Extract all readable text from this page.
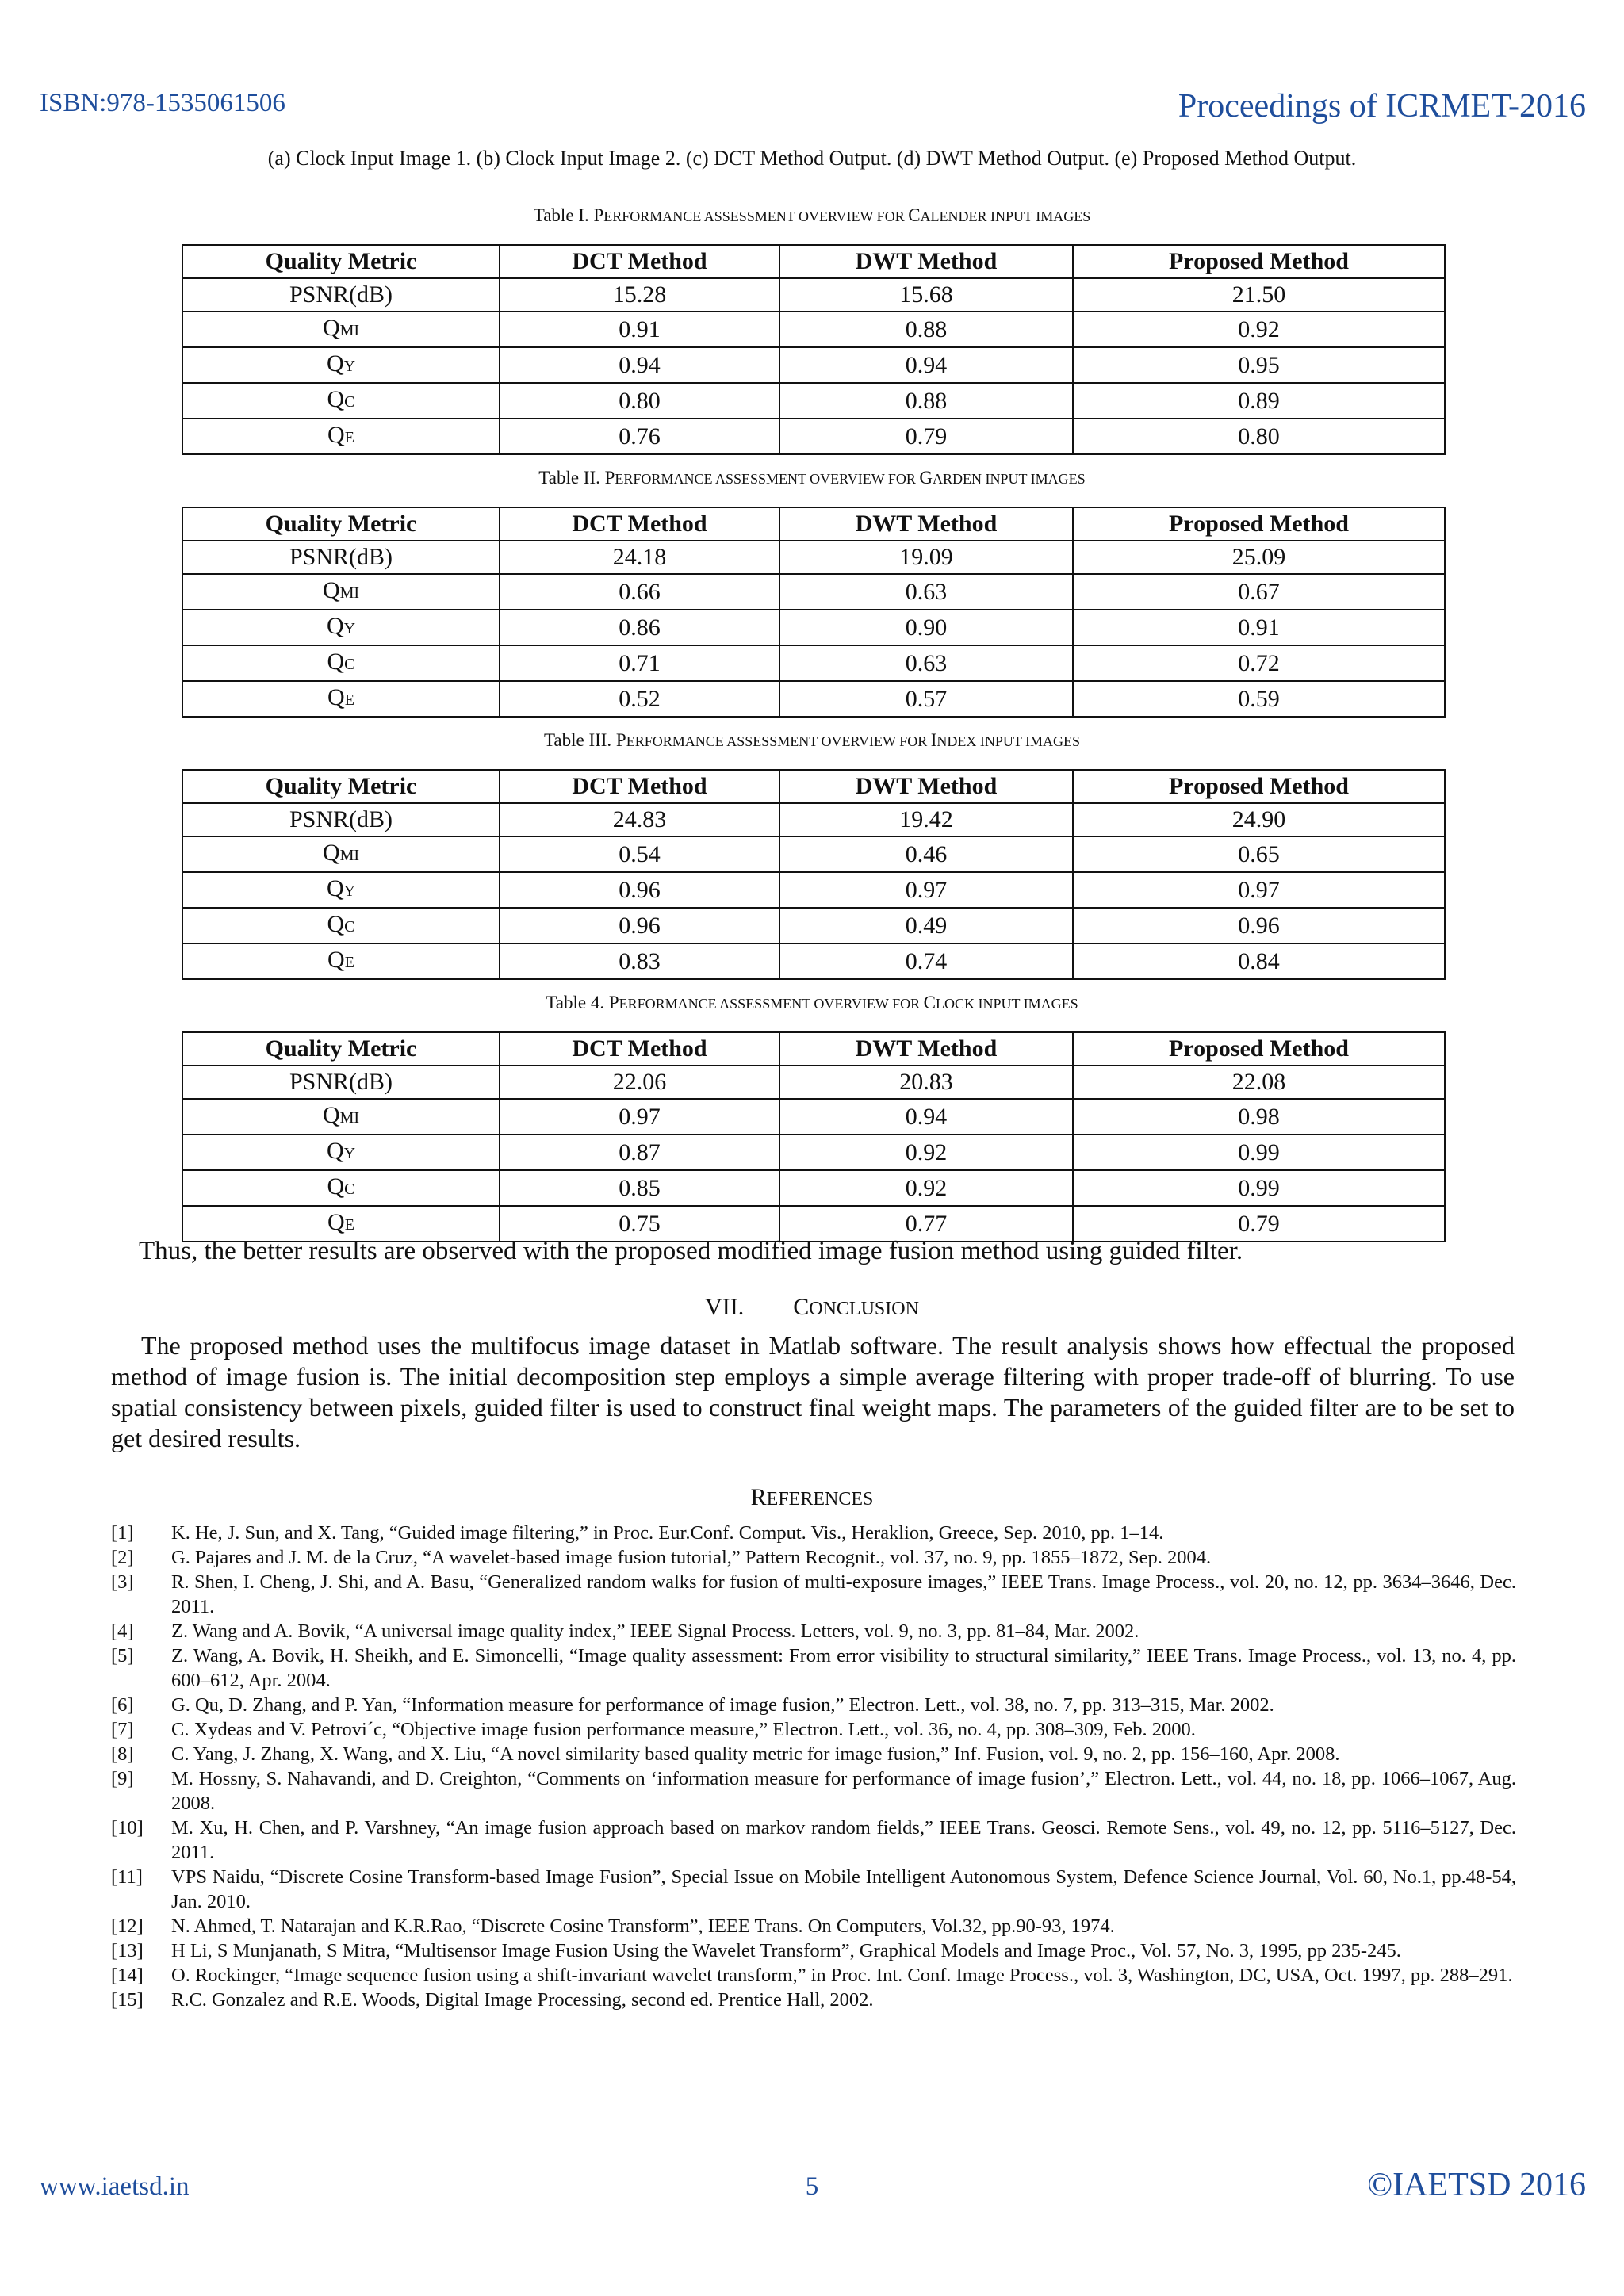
ISBN:978-1535061506	Proceedings of ICRMET-2016
(a) Clock Input Image 1. (b) Clock Input Image 2. (c) DCT Method Output. (d) DWT Method Output. (e) Proposed Method Output.
Table I. PERFORMANCE ASSESSMENT OVERVIEW FOR CALENDER INPUT IMAGES
Quality Metric	DCT Method	DWT Method	Proposed Method
PSNR(dB)	15.28	15.68	21.50
QMI	0.91	0.88	0.92
QY	0.94	0.94	0.95
QC	0.80	0.88	0.89
QE	0.76	0.79	0.80
Table II. PERFORMANCE ASSESSMENT OVERVIEW FOR GARDEN INPUT IMAGES
Quality Metric	DCT Method	DWT Method	Proposed Method
PSNR(dB)	24.18	19.09	25.09
QMI	0.66	0.63	0.67
QY	0.86	0.90	0.91
QC	0.71	0.63	0.72
QE	0.52	0.57	0.59
Table III. PERFORMANCE ASSESSMENT OVERVIEW FOR INDEX INPUT IMAGES
Quality Metric	DCT Method	DWT Method	Proposed Method
PSNR(dB)	24.83	19.42	24.90
QMI	0.54	0.46	0.65
QY	0.96	0.97	0.97
QC	0.96	0.49	0.96
QE	0.83	0.74	0.84
Table 4. PERFORMANCE ASSESSMENT OVERVIEW FOR CLOCK INPUT IMAGES
Quality Metric	DCT Method	DWT Method	Proposed Method
PSNR(dB)	22.06	20.83	22.08
QMI	0.97	0.94	0.98
QY	0.87	0.92	0.99
QC	0.85	0.92	0.99
QE	0.75	0.77	0.79
Thus, the better results are observed with the proposed modified image fusion method using guided filter.
VII. CONCLUSION

The proposed method uses the multifocus image dataset in Matlab software. The result analysis shows how effectual the proposed method of image fusion is. The initial decomposition step employs a simple average filtering with proper trade-off of blurring. To use spatial consistency between pixels, guided filter is used to construct final weight maps. The parameters of the guided filter are to be set to get desired results.

REFERENCES
[1] K. He, J. Sun, and X. Tang, “Guided image filtering,” in Proc. Eur.Conf. Comput. Vis., Heraklion, Greece, Sep. 2010, pp. 1–14.
[2] G. Pajares and J. M. de la Cruz, “A wavelet-based image fusion tutorial,” Pattern Recognit., vol. 37, no. 9, pp. 1855–1872, Sep. 2004.
[3] R. Shen, I. Cheng, J. Shi, and A. Basu, “Generalized random walks for fusion of multi-exposure images,” IEEE Trans. Image Process., vol. 20, no. 12, pp. 3634–3646, Dec. 2011.
[4] Z. Wang and A. Bovik, “A universal image quality index,” IEEE Signal Process. Letters, vol. 9, no. 3, pp. 81–84, Mar. 2002.
[5] Z. Wang, A. Bovik, H. Sheikh, and E. Simoncelli, “Image quality assessment: From error visibility to structural similarity,” IEEE Trans. Image Process., vol. 13, no. 4, pp. 600–612, Apr. 2004.
[6] G. Qu, D. Zhang, and P. Yan, “Information measure for performance of image fusion,” Electron. Lett., vol. 38, no. 7, pp. 313–315, Mar. 2002.
[7] C. Xydeas and V. Petrovi´c, “Objective image fusion performance measure,” Electron. Lett., vol. 36, no. 4, pp. 308–309, Feb. 2000.
[8] C. Yang, J. Zhang, X. Wang, and X. Liu, “A novel similarity based quality metric for image fusion,” Inf. Fusion, vol. 9, no. 2, pp. 156–160, Apr. 2008.
[9] M. Hossny, S. Nahavandi, and D. Creighton, “Comments on ‘information measure for performance of image fusion’,” Electron. Lett., vol. 44, no. 18, pp. 1066–1067, Aug. 2008.
[10] M. Xu, H. Chen, and P. Varshney, “An image fusion approach based on markov random fields,” IEEE Trans. Geosci. Remote Sens., vol. 49, no. 12, pp. 5116–5127, Dec. 2011.
[11] VPS Naidu, “Discrete Cosine Transform-based Image Fusion”, Special Issue on Mobile Intelligent Autonomous System, Defence Science Journal, Vol. 60, No.1, pp.48-54, Jan. 2010.
[12] N. Ahmed, T. Natarajan and K.R.Rao, “Discrete Cosine Transform”, IEEE Trans. On Computers, Vol.32, pp.90-93, 1974.
[13] H Li, S Munjanath, S Mitra, “Multisensor Image Fusion Using the Wavelet Transform”, Graphical Models and Image Proc., Vol. 57, No. 3, 1995, pp 235-245.
[14] O. Rockinger, “Image sequence fusion using a shift-invariant wavelet transform,” in Proc. Int. Conf. Image Process., vol. 3, Washington, DC, USA, Oct. 1997, pp. 288–291.
[15] R.C. Gonzalez and R.E. Woods, Digital Image Processing, second ed. Prentice Hall, 2002.
www.iaetsd.in	5	©IAETSD 2016
